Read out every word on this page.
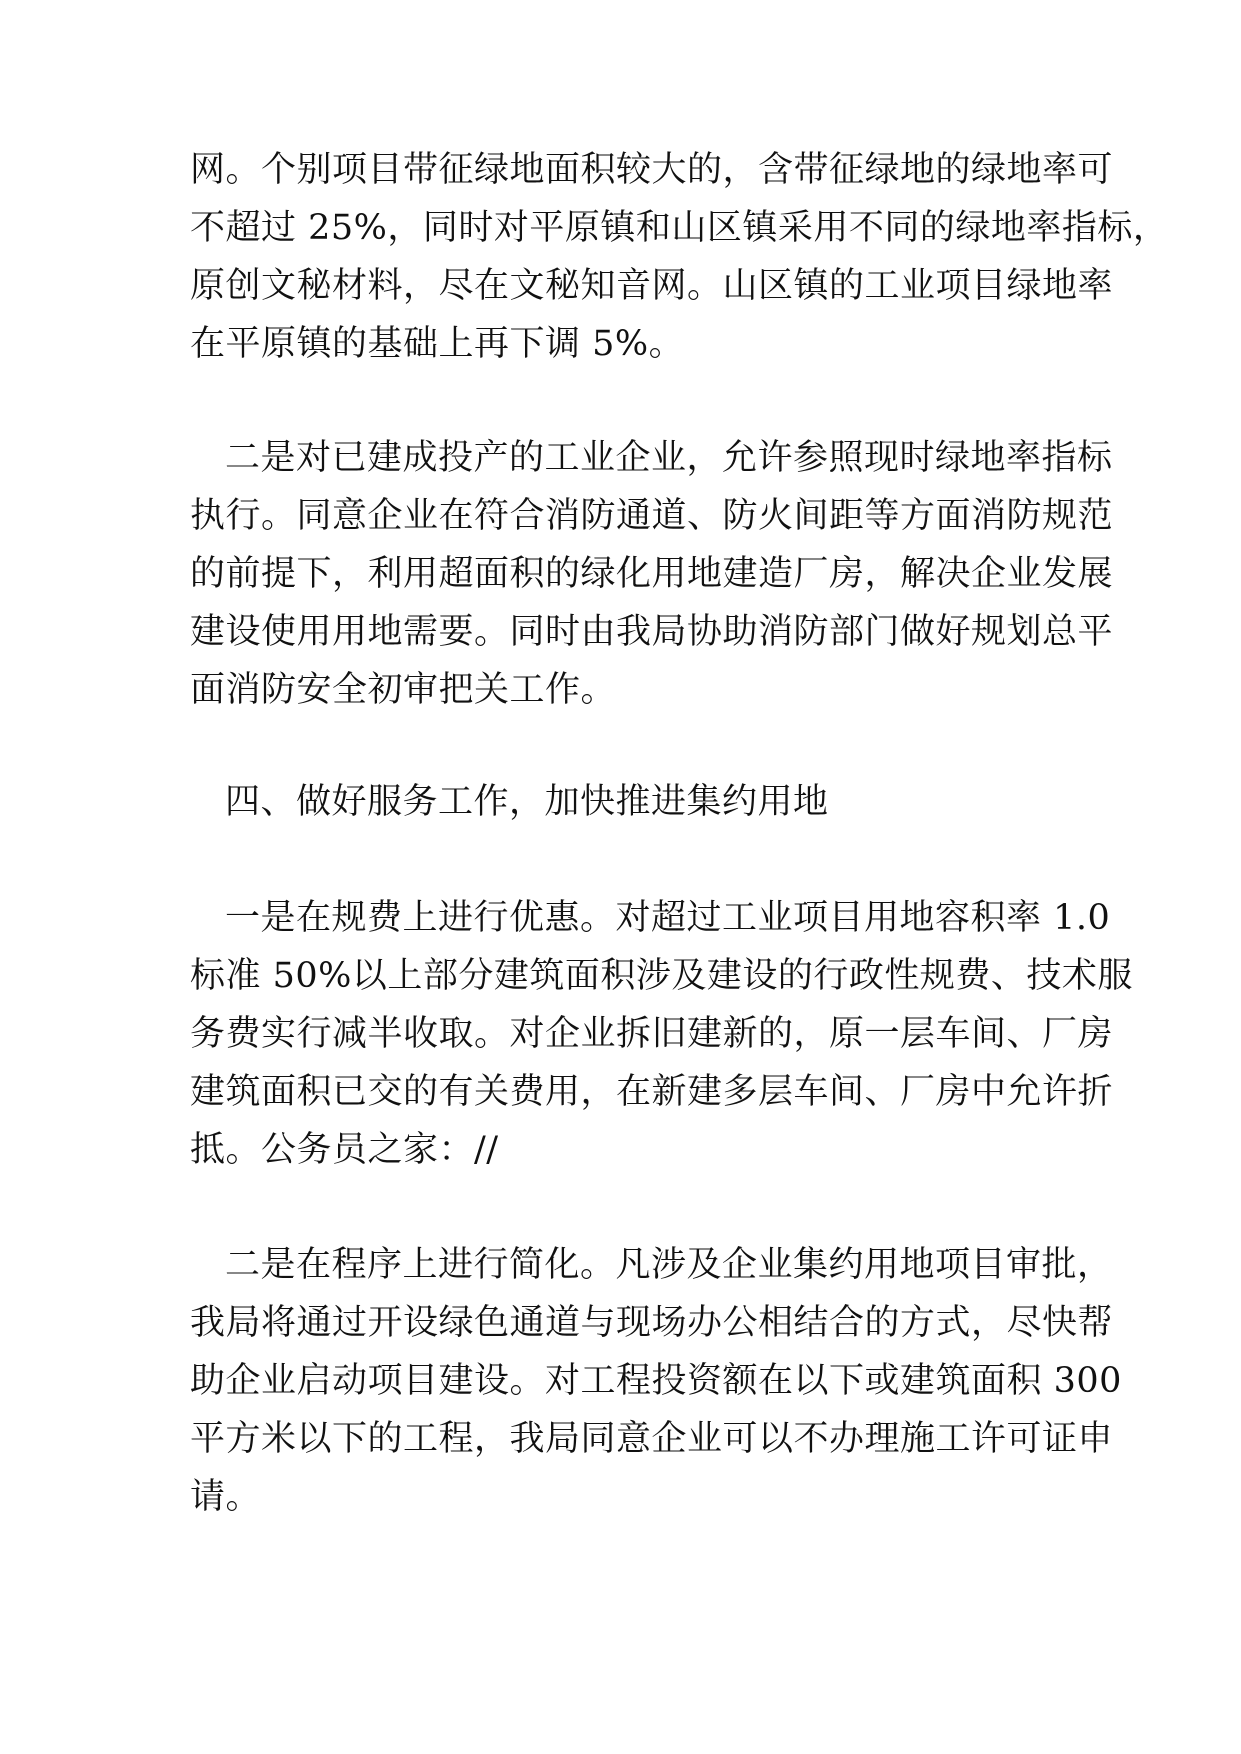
网。个别项目带征绿地面积较大的，含带征绿地的绿地率可
不超过 25%，同时对平原镇和山区镇采用不同的绿地率指标，
原创文秘材料，尽在文秘知音网。山区镇的工业项目绿地率
在平原镇的基础上再下调 5%。
二是对已建成投产的工业企业，允许参照现时绿地率指标
执行。同意企业在符合消防通道、防火间距等方面消防规范
的前提下，利用超面积的绿化用地建造厂房，解决企业发展
建设使用用地需要。同时由我局协助消防部门做好规划总平
面消防安全初审把关工作。
四、做好服务工作，加快推进集约用地
一是在规费上进行优惠。对超过工业项目用地容积率 1.0
标准 50%以上部分建筑面积涉及建设的行政性规费、技术服
务费实行减半收取。对企业拆旧建新的，原一层车间、厂房
建筑面积已交的有关费用，在新建多层车间、厂房中允许折
抵。公务员之家：//
二是在程序上进行简化。凡涉及企业集约用地项目审批，
我局将通过开设绿色通道与现场办公相结合的方式，尽快帮
助企业启动项目建设。对工程投资额在以下或建筑面积 300
平方米以下的工程，我局同意企业可以不办理施工许可证申
请。
